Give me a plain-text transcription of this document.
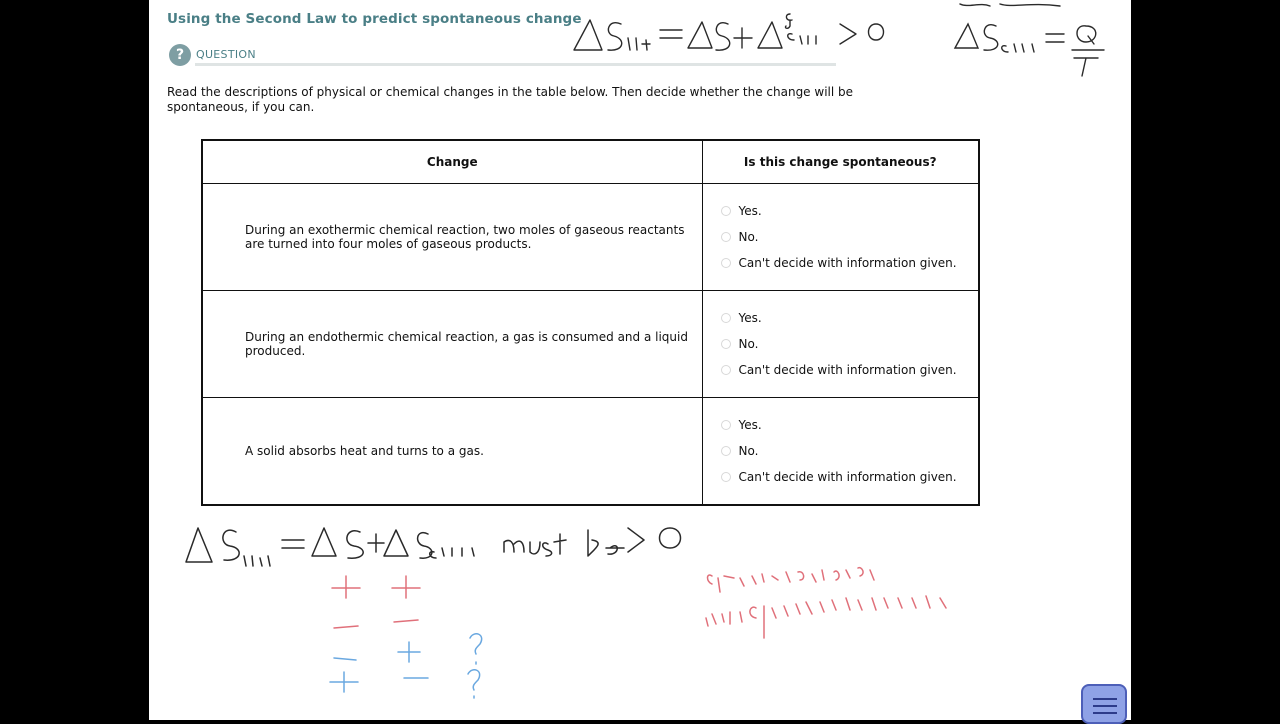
Using the Second Law to predict spontaneous change
?	QUESTION
Read the descriptions of physical or chemical changes in the table below. Then decide whether the change will be spontaneous, if you can.
Change	Is this change spontaneous?
During an exothermic chemical reaction, two moles of gaseous reactants are turned into four moles of gaseous products.	Yes.
No.
Can't decide with information given.

During an endothermic chemical reaction, a gas is consumed and a liquid produced.	Yes.
No.
Can't decide with information given.

A solid absorbs heat and turns to a gas.	Yes.
No.
Can't decide with information given.
